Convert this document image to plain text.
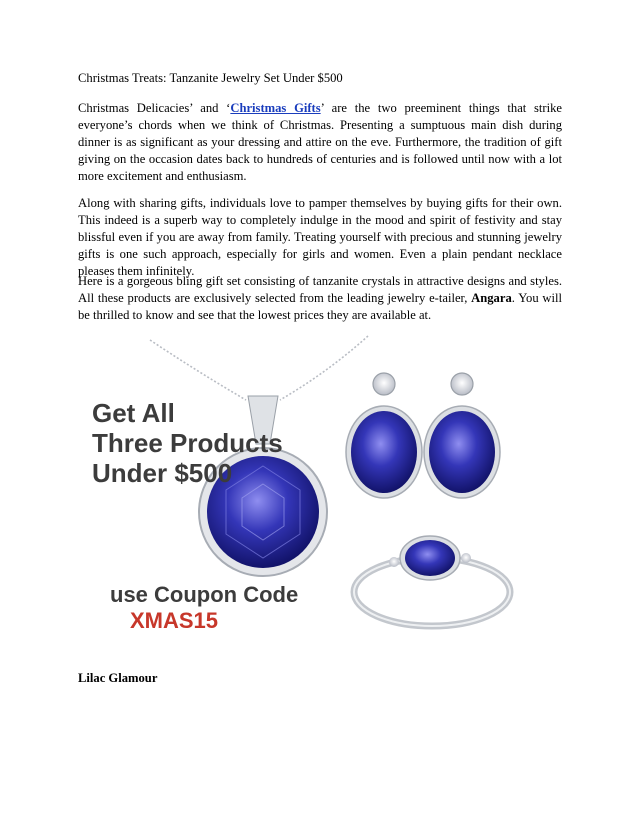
Christmas Treats: Tanzanite Jewelry Set Under $500
Christmas Delicacies’ and ‘Christmas Gifts’ are the two preeminent things that strike everyone’s chords when we think of Christmas. Presenting a sumptuous main dish during dinner is as significant as your dressing and attire on the eve. Furthermore, the tradition of gift giving on the occasion dates back to hundreds of centuries and is followed until now with a lot more excitement and enthusiasm.
Along with sharing gifts, individuals love to pamper themselves by buying gifts for their own. This indeed is a superb way to completely indulge in the mood and spirit of festivity and stay blissful even if you are away from family. Treating yourself with precious and stunning jewelry gifts is one such approach, especially for girls and women. Even a plain pendant necklace pleases them infinitely.
Here is a gorgeous bling gift set consisting of tanzanite crystals in attractive designs and styles. All these products are exclusively selected from the leading jewelry e-tailer, Angara. You will be thrilled to know and see that the lowest prices they are available at.
Get All
Three Products
Under $500
use Coupon Code
XMAS15
Lilac Glamour
